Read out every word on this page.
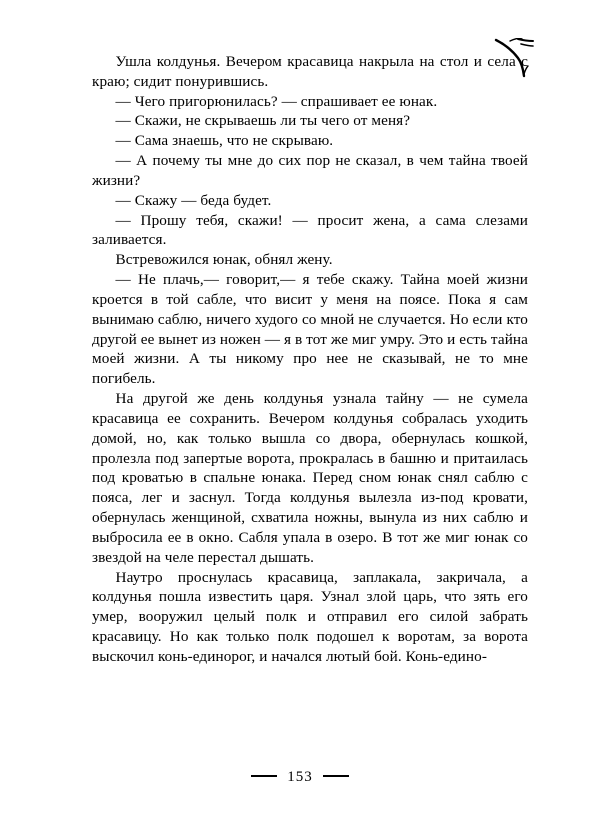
Ушла колдунья. Вечером красавица накрыла на стол и села с краю; сидит понурившись.

— Чего пригорюнилась? — спрашивает ее юнак.

— Скажи, не скрываешь ли ты чего от меня?

— Сама знаешь, что не скрываю.

— А почему ты мне до сих пор не сказал, в чем тайна твоей жизни?

— Скажу — беда будет.

— Прошу тебя, скажи! — просит жена, а сама слезами заливается.

Встревожился юнак, обнял жену.

— Не плачь,— говорит,— я тебе скажу. Тайна моей жизни кроется в той сабле, что висит у меня на поясе. Пока я сам вынимаю саблю, ничего худого со мной не случается. Но если кто другой ее вынет из ножен — я в тот же миг умру. Это и есть тайна моей жизни. А ты никому про нее не сказывай, не то мне погибель.

На другой же день колдунья узнала тайну — не сумела красавица ее сохранить. Вечером колдунья собралась уходить домой, но, как только вышла со двора, обернулась кошкой, пролезла под запертые ворота, прокралась в башню и притаилась под кроватью в спальне юнака. Перед сном юнак снял саблю с пояса, лег и заснул. Тогда колдунья вылезла из-под кровати, обернулась женщиной, схватила ножны, вынула из них саблю и выбросила ее в окно. Сабля упала в озеро. В тот же миг юнак со звездой на челе перестал дышать.

Наутро проснулась красавица, заплакала, закричала, а колдунья пошла известить царя. Узнал злой царь, что зять его умер, вооружил целый полк и отправил его силой забрать красавицу. Но как только полк подошел к воротам, за ворота выскочил конь-единорог, и начался лютый бой. Конь-едино-

153
